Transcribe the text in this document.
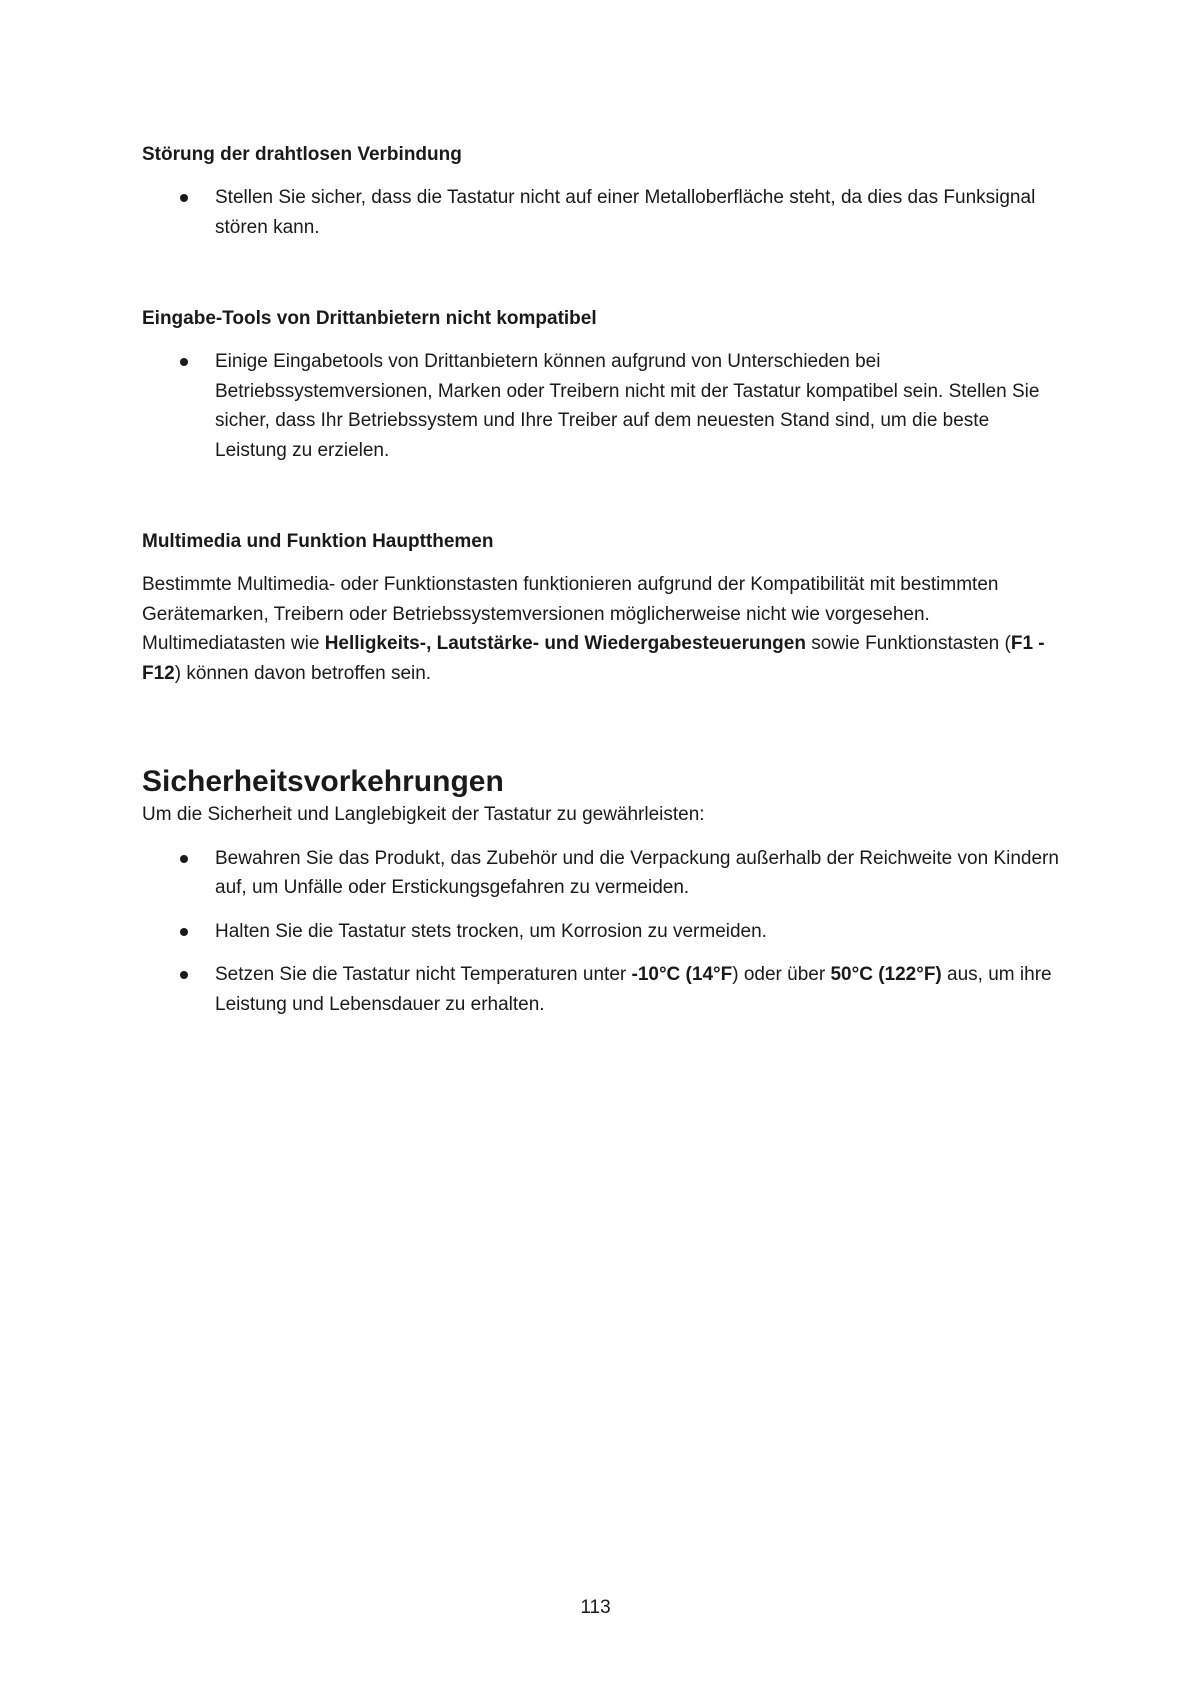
Störung der drahtlosen Verbindung
Stellen Sie sicher, dass die Tastatur nicht auf einer Metalloberfläche steht, da dies das Funksignal stören kann.
Eingabe-Tools von Drittanbietern nicht kompatibel
Einige Eingabetools von Drittanbietern können aufgrund von Unterschieden bei Betriebssystemversionen, Marken oder Treibern nicht mit der Tastatur kompatibel sein. Stellen Sie sicher, dass Ihr Betriebssystem und Ihre Treiber auf dem neuesten Stand sind, um die beste Leistung zu erzielen.
Multimedia und Funktion Hauptthemen

Bestimmte Multimedia- oder Funktionstasten funktionieren aufgrund der Kompatibilität mit bestimmten Gerätemarken, Treibern oder Betriebssystemversionen möglicherweise nicht wie vorgesehen. Multimediatasten wie Helligkeits-, Lautstärke- und Wiedergabesteuerungen sowie Funktionstasten (F1 - F12) können davon betroffen sein.

Sicherheitsvorkehrungen

Um die Sicherheit und Langlebigkeit der Tastatur zu gewährleisten:

Bewahren Sie das Produkt, das Zubehör und die Verpackung außerhalb der Reichweite von Kindern auf, um Unfälle oder Erstickungsgefahren zu vermeiden.
Halten Sie die Tastatur stets trocken, um Korrosion zu vermeiden.
Setzen Sie die Tastatur nicht Temperaturen unter -10°C (14°F) oder über 50°C (122°F) aus, um ihre Leistung und Lebensdauer zu erhalten.
113
